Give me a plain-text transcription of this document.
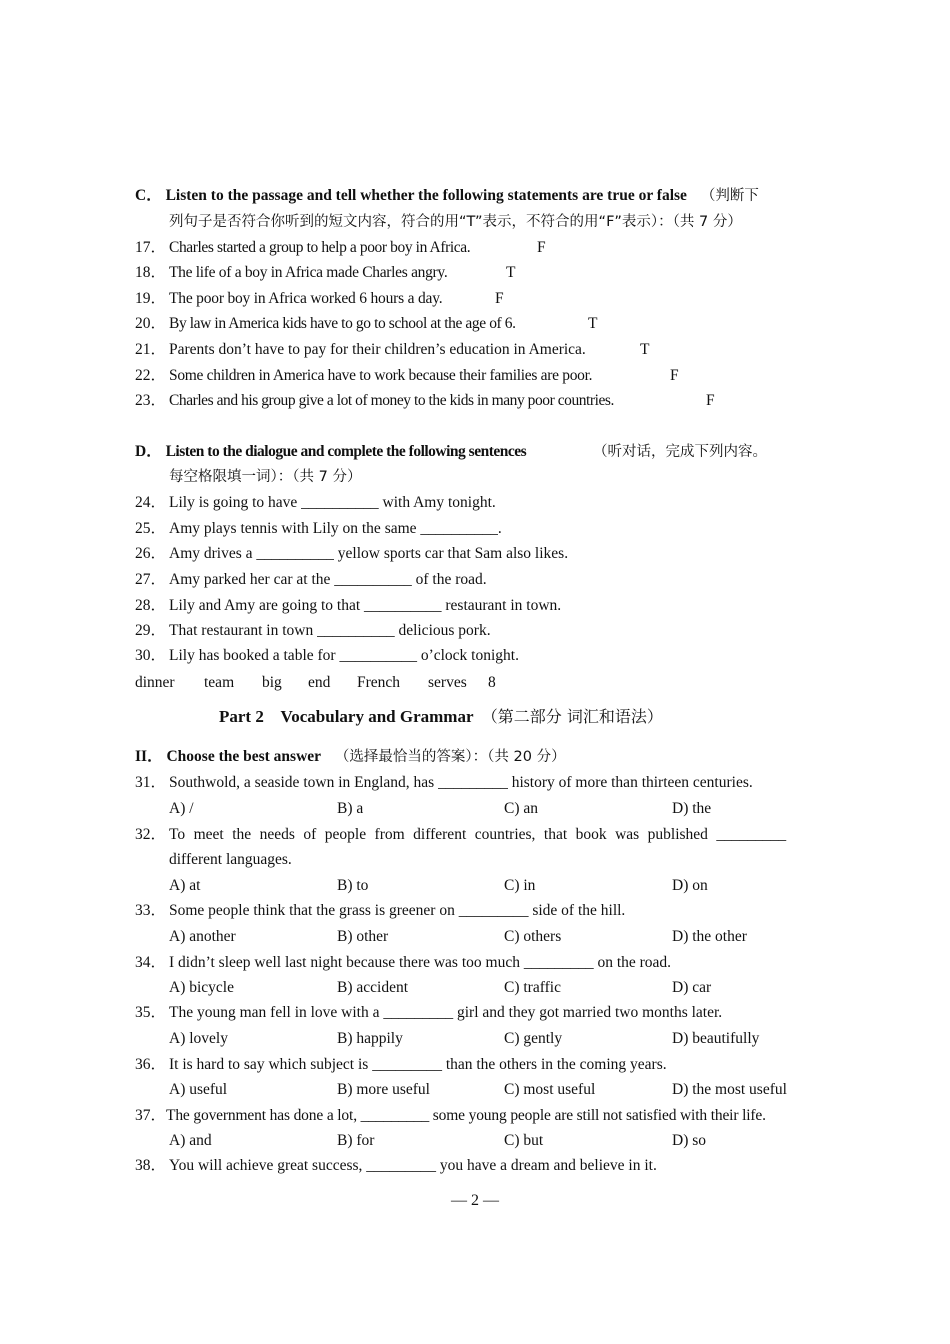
C． Listen to the passage and tell whether the following statements are true or false （判断下
列句子是否符合你听到的短文内容，符合的用“T”表示，不符合的用“F”表示）：（共 7 分）
17． Charles started a group to help a poor boy in Africa.	F
18． The life of a boy in Africa made Charles angry.	T
19． The poor boy in Africa worked 6 hours a day.	F
20． By law in America kids have to go to school at the age of 6.	T
21． Parents don’t have to pay for their children’s education in America.	T
22． Some children in America have to work because their families are poor.	F
23． Charles and his group give a lot of money to the kids in many poor countries.	F
D． Listen to the dialogue and complete the following sentences	（听对话，完成下列内容。
每空格限填一词）：（共 7 分）
24． Lily is going to have __________ with Amy tonight.
25． Amy plays tennis with Lily on the same __________.
26． Amy drives a __________ yellow sports car that Sam also likes.
27． Amy parked her car at the __________ of the road.
28． Lily and Amy are going to that __________ restaurant in town.
29． That restaurant in town __________ delicious pork.
30． Lily has booked a table for __________ o’clock tonight.
dinner team big end French serves 8
Part 2    Vocabulary and Grammar （第二部分 词汇和语法）
II． Choose the best answer （选择最恰当的答案）：（共 20 分）
31． Southwold, a seaside town in England, has _________ history of more than thirteen centuries.
A) /	B) a	C) an	D) the
32． To meet the needs of people from different countries, that book was published _________
different languages.
A) at	B) to	C) in	D) on
33． Some people think that the grass is greener on _________ side of the hill.
A) another	B) other	C) others	D) the other
34． I didn’t sleep well last night because there was too much _________ on the road.
A) bicycle	B) accident	C) traffic	D) car
35． The young man fell in love with a _________ girl and they got married two months later.
A) lovely	B) happily	C) gently	D) beautifully
36． It is hard to say which subject is _________ than the others in the coming years.
A) useful	B) more useful	C) most useful	D) the most useful
37． The government has done a lot, _________ some young people are still not satisfied with their life.
A) and	B) for	C) but	D) so
38． You will achieve great success, _________ you have a dream and believe in it.
— 2 —
